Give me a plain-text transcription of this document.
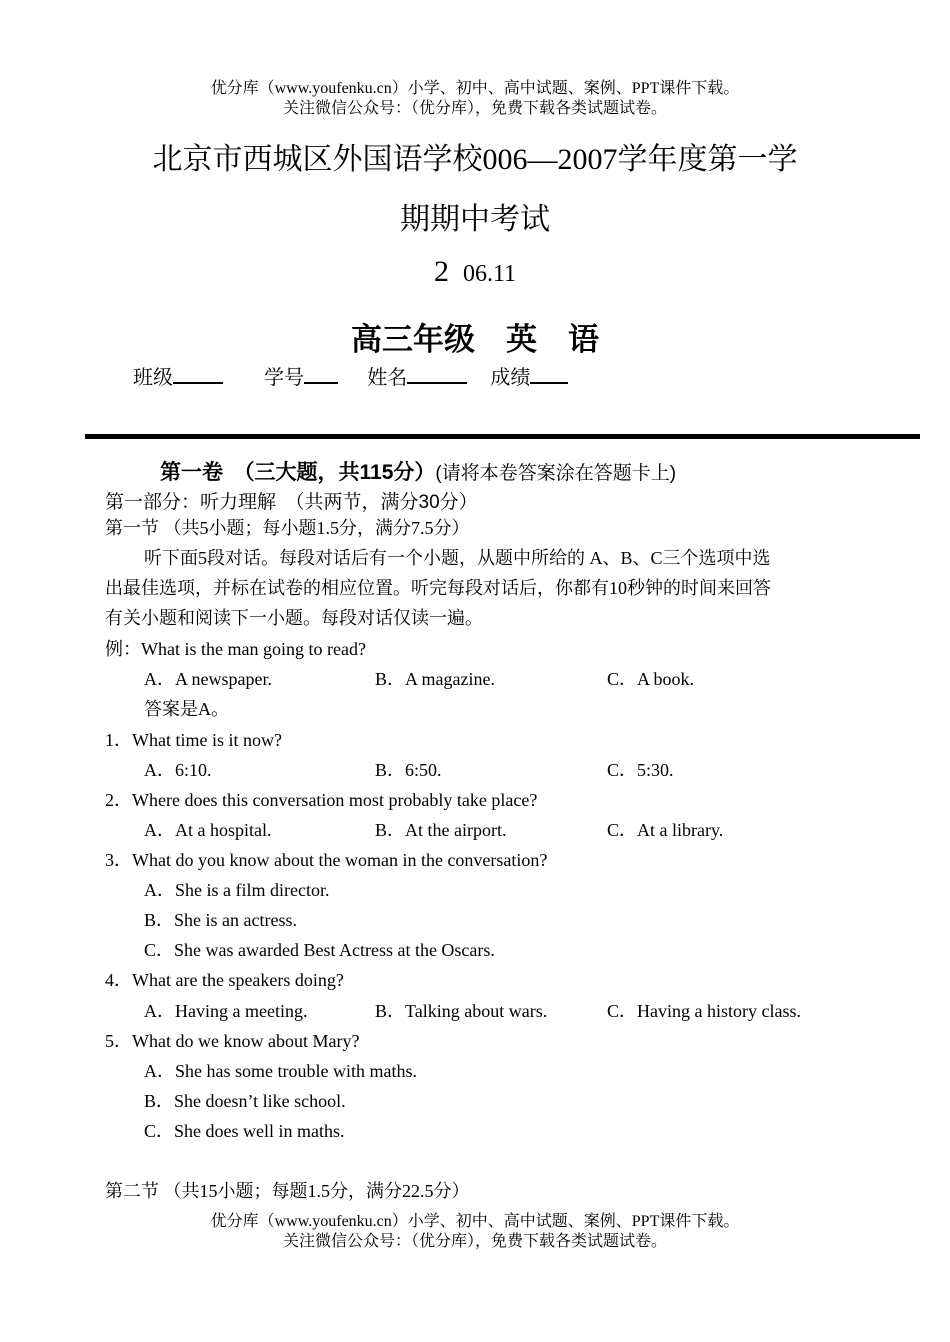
优分库（www.youfenku.cn）小学、初中、高中试题、案例、PPT课件下载。
关注微信公众号：（优分库），免费下载各类试题试卷。
北京市西城区外国语学校006—2007学年度第一学
期期中考试
2 06.11
高三年级　英　语
班级	学号	姓名	成绩
第一卷　（三大题，共115分）(请将本卷答案涂在答题卡上)
第一部分：听力理解　（共两节，满分30分）
第一节 （共5小题；每小题1.5分，满分7.5分）
听下面5段对话。每段对话后有一个小题，从题中所给的 A、B、C三个选项中选
出最佳选项，并标在试卷的相应位置。听完每段对话后，你都有10秒钟的时间来回答
有关小题和阅读下一小题。每段对话仅读一遍。
例：What is the man going to read?
A．A newspaper.	B．A magazine.	C．A book.
答案是A。
1．What time is it now?
A．6:10.	B．6:50.	C．5:30.
2．Where does this conversation most probably take place?
A．At a hospital.	B．At the airport.	C．At a library.
3．What do you know about the woman in the conversation?
A．She is a film director.
B．She is an actress.
C．She was awarded Best Actress at the Oscars.
4．What are the speakers doing?
A．Having a meeting.	B．Talking about wars.	C．Having a history class.
5．What do we know about Mary?
A．She has some trouble with maths.
B．She doesn’t like school.
C．She does well in maths.
第二节 （共15小题；每题1.5分，满分22.5分）
优分库（www.youfenku.cn）小学、初中、高中试题、案例、PPT课件下载。
关注微信公众号：（优分库），免费下载各类试题试卷。
